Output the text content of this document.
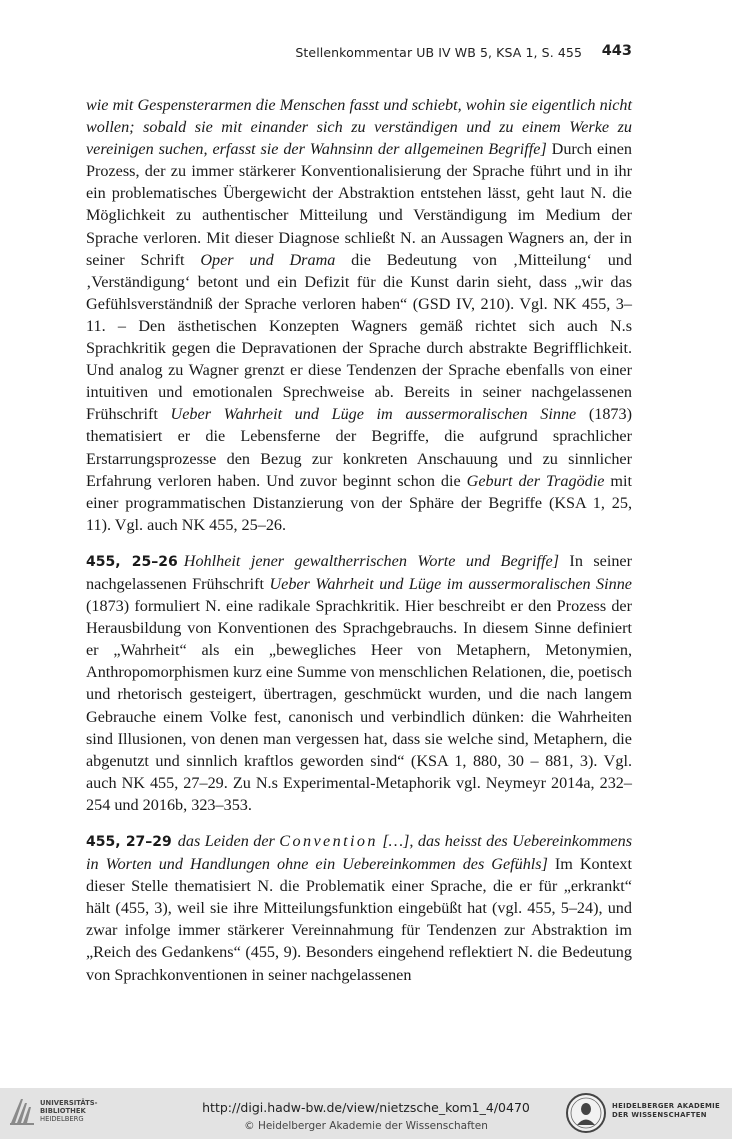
Stellenkommentar UB IV WB 5, KSA 1, S. 455 443

wie mit Gespensterarmen die Menschen fasst und schiebt, wohin sie eigentlich nicht wollen; sobald sie mit einander sich zu verständigen und zu einem Werke zu vereinigen suchen, erfasst sie der Wahnsinn der allgemeinen Begriffe] Durch einen Prozess, der zu immer stärkerer Konventionalisierung der Sprache führt und in ihr ein problematisches Übergewicht der Abstraktion entstehen lässt, geht laut N. die Möglichkeit zu authentischer Mitteilung und Verständigung im Medium der Sprache verloren. Mit dieser Diagnose schließt N. an Aussagen Wagners an, der in seiner Schrift Oper und Drama die Bedeutung von ‚Mitteilung‘ und ‚Verständigung‘ betont und ein Defizit für die Kunst darin sieht, dass „wir das Gefühlsverständniß der Sprache verloren haben“ (GSD IV, 210). Vgl. NK 455, 3–11. – Den ästhetischen Konzepten Wagners gemäß richtet sich auch N.s Sprachkritik gegen die Depravationen der Sprache durch abstrakte Begrifflichkeit. Und analog zu Wagner grenzt er diese Tendenzen der Sprache ebenfalls von einer intuitiven und emotionalen Sprechweise ab. Bereits in seiner nachgelassenen Frühschrift Ueber Wahrheit und Lüge im aussermoralischen Sinne (1873) thematisiert er die Lebensferne der Begriffe, die aufgrund sprachlicher Erstarrungsprozesse den Bezug zur konkreten Anschauung und zu sinnlicher Erfahrung verloren haben. Und zuvor beginnt schon die Geburt der Tragödie mit einer programmatischen Distanzierung von der Sphäre der Begriffe (KSA 1, 25, 11). Vgl. auch NK 455, 25–26.

455, 25–26 Hohlheit jener gewaltherrischen Worte und Begriffe] In seiner nachgelassenen Frühschrift Ueber Wahrheit und Lüge im aussermoralischen Sinne (1873) formuliert N. eine radikale Sprachkritik. Hier beschreibt er den Prozess der Herausbildung von Konventionen des Sprachgebrauchs. In diesem Sinne definiert er „Wahrheit“ als ein „bewegliches Heer von Metaphern, Metonymien, Anthropomorphismen kurz eine Summe von menschlichen Relationen, die, poetisch und rhetorisch gesteigert, übertragen, geschmückt wurden, und die nach langem Gebrauche einem Volke fest, canonisch und verbindlich dünken: die Wahrheiten sind Illusionen, von denen man vergessen hat, dass sie welche sind, Metaphern, die abgenutzt und sinnlich kraftlos geworden sind“ (KSA 1, 880, 30 – 881, 3). Vgl. auch NK 455, 27–29. Zu N.s Experimental-Metaphorik vgl. Neymeyr 2014a, 232–254 und 2016b, 323–353.

455, 27–29 das Leiden der Convention […], das heisst des Uebereinkommens in Worten und Handlungen ohne ein Uebereinkommen des Gefühls] Im Kontext dieser Stelle thematisiert N. die Problematik einer Sprache, die er für „erkrankt“ hält (455, 3), weil sie ihre Mitteilungsfunktion eingebüßt hat (vgl. 455, 5–24), und zwar infolge immer stärkerer Vereinnahmung für Tendenzen zur Abstraktion im „Reich des Gedankens“ (455, 9). Besonders eingehend reflektiert N. die Bedeutung von Sprachkonventionen in seiner nachgelassenen

UNIVERSITÄTS-
BIBLIOTHEK
HEIDELBERG
http://digi.hadw-bw.de/view/nietzsche_kom1_4/0470
© Heidelberger Akademie der Wissenschaften
HEIDELBERGER AKADEMIE
DER WISSENSCHAFTEN
